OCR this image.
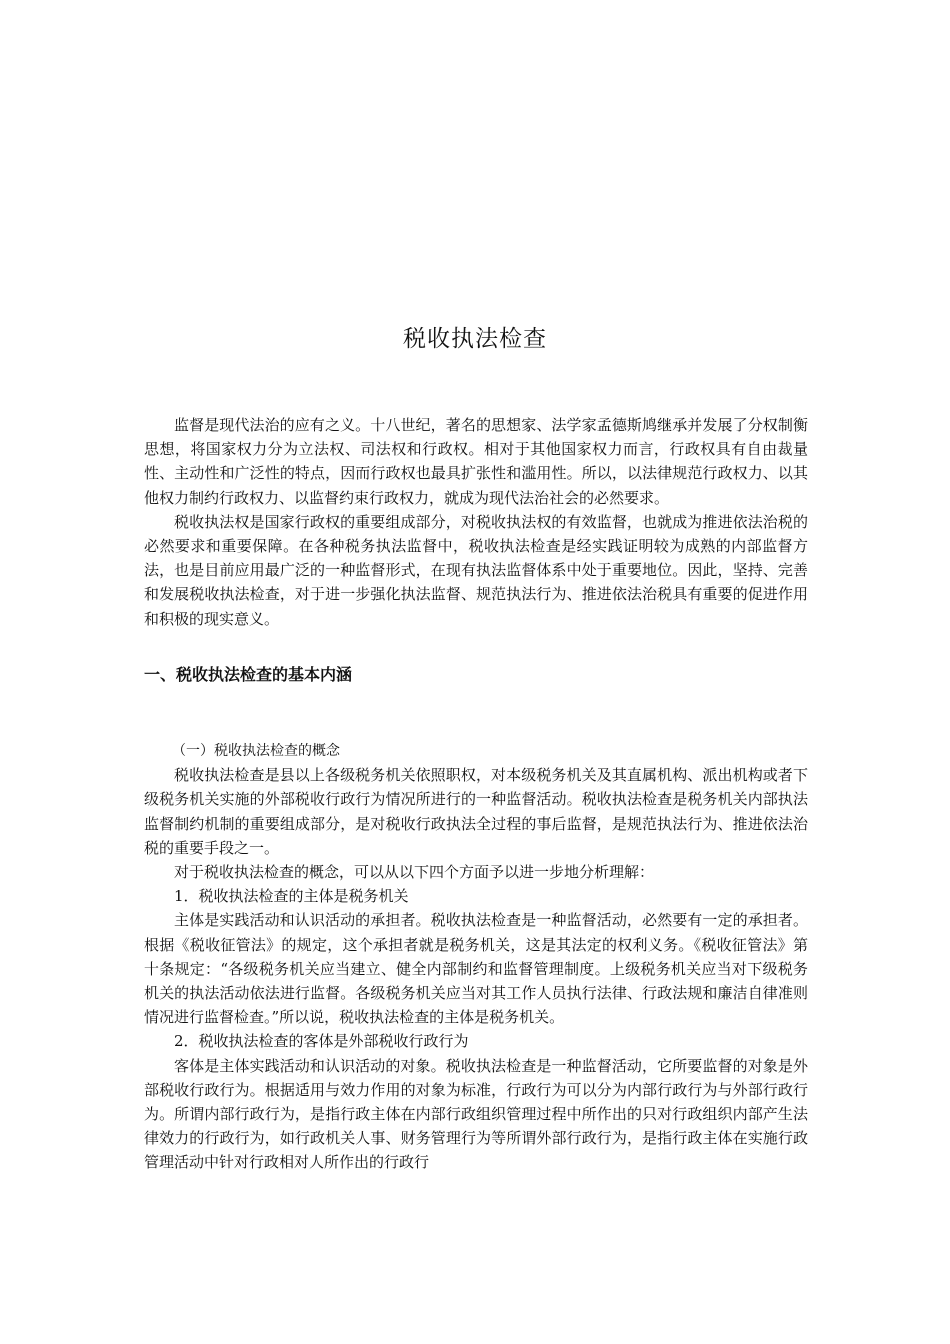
税收执法检查

监督是现代法治的应有之义。十八世纪，著名的思想家、法学家孟德斯鸠继承并发展了分权制衡思想，将国家权力分为立法权、司法权和行政权。相对于其他国家权力而言，行政权具有自由裁量性、主动性和广泛性的特点，因而行政权也最具扩张性和滥用性。所以，以法律规范行政权力、以其他权力制约行政权力、以监督约束行政权力，就成为现代法治社会的必然要求。

税收执法权是国家行政权的重要组成部分，对税收执法权的有效监督，也就成为推进依法治税的必然要求和重要保障。在各种税务执法监督中，税收执法检查是经实践证明较为成熟的内部监督方法，也是目前应用最广泛的一种监督形式，在现有执法监督体系中处于重要地位。因此，坚持、完善和发展税收执法检查，对于进一步强化执法监督、规范执法行为、推进依法治税具有重要的促进作用和积极的现实意义。

一、税收执法检查的基本内涵

（一）税收执法检查的概念

税收执法检查是县以上各级税务机关依照职权，对本级税务机关及其直属机构、派出机构或者下级税务机关实施的外部税收行政行为情况所进行的一种监督活动。税收执法检查是税务机关内部执法监督制约机制的重要组成部分，是对税收行政执法全过程的事后监督，是规范执法行为、推进依法治税的重要手段之一。

对于税收执法检查的概念，可以从以下四个方面予以进一步地分析理解：

1．税收执法检查的主体是税务机关

主体是实践活动和认识活动的承担者。税收执法检查是一种监督活动，必然要有一定的承担者。根据《税收征管法》的规定，这个承担者就是税务机关，这是其法定的权利义务。《税收征管法》第十条规定：“各级税务机关应当建立、健全内部制约和监督管理制度。上级税务机关应当对下级税务机关的执法活动依法进行监督。各级税务机关应当对其工作人员执行法律、行政法规和廉洁自律准则情况进行监督检查。”所以说，税收执法检查的主体是税务机关。

2．税收执法检查的客体是外部税收行政行为

客体是主体实践活动和认识活动的对象。税收执法检查是一种监督活动，它所要监督的对象是外部税收行政行为。根据适用与效力作用的对象为标准，行政行为可以分为内部行政行为与外部行政行为。所谓内部行政行为，是指行政主体在内部行政组织管理过程中所作出的只对行政组织内部产生法律效力的行政行为，如行政机关人事、财务管理行为等所谓外部行政行为，是指行政主体在实施行政管理活动中针对行政相对人所作出的行政行
